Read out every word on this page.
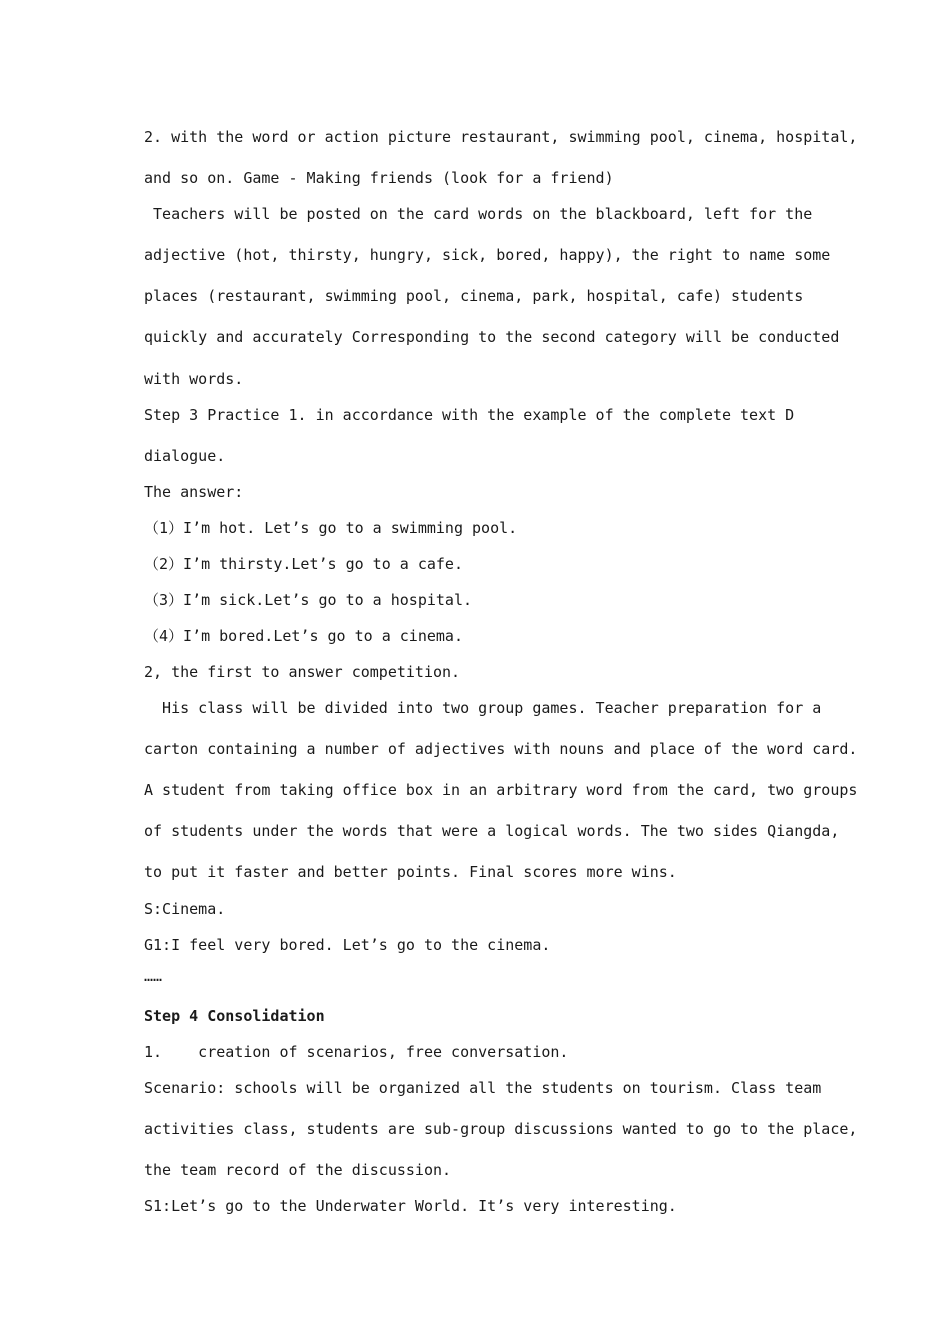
2. with the word or action picture restaurant, swimming pool, cinema, hospital,
and so on. Game - Making friends (look for a friend)
Teachers will be posted on the card words on the blackboard, left for the
adjective (hot, thirsty, hungry, sick, bored, happy), the right to name some
places (restaurant, swimming pool, cinema, park, hospital, cafe) students
quickly and accurately Corresponding to the second category will be conducted
with words.
Step 3 Practice 1. in accordance with the example of the complete text D
dialogue.
The answer:
（1）I’m hot. Let’s go to a swimming pool.
（2）I’m thirsty.Let’s go to a cafe.
（3）I’m sick.Let’s go to a hospital.
（4）I’m bored.Let’s go to a cinema.
2, the first to answer competition.
His class will be divided into two group games. Teacher preparation for a
carton containing a number of adjectives with nouns and place of the word card.
A student from taking office box in an arbitrary word from the card, two groups
of students under the words that were a logical words. The two sides Qiangda,
to put it faster and better points. Final scores more wins.
S:Cinema.
G1:I feel very bored. Let’s go to the cinema.
……
Step 4 Consolidation
1.    creation of scenarios, free conversation.
Scenario: schools will be organized all the students on tourism. Class team
activities class, students are sub-group discussions wanted to go to the place,
the team record of the discussion.
S1:Let’s go to the Underwater World. It’s very interesting.
